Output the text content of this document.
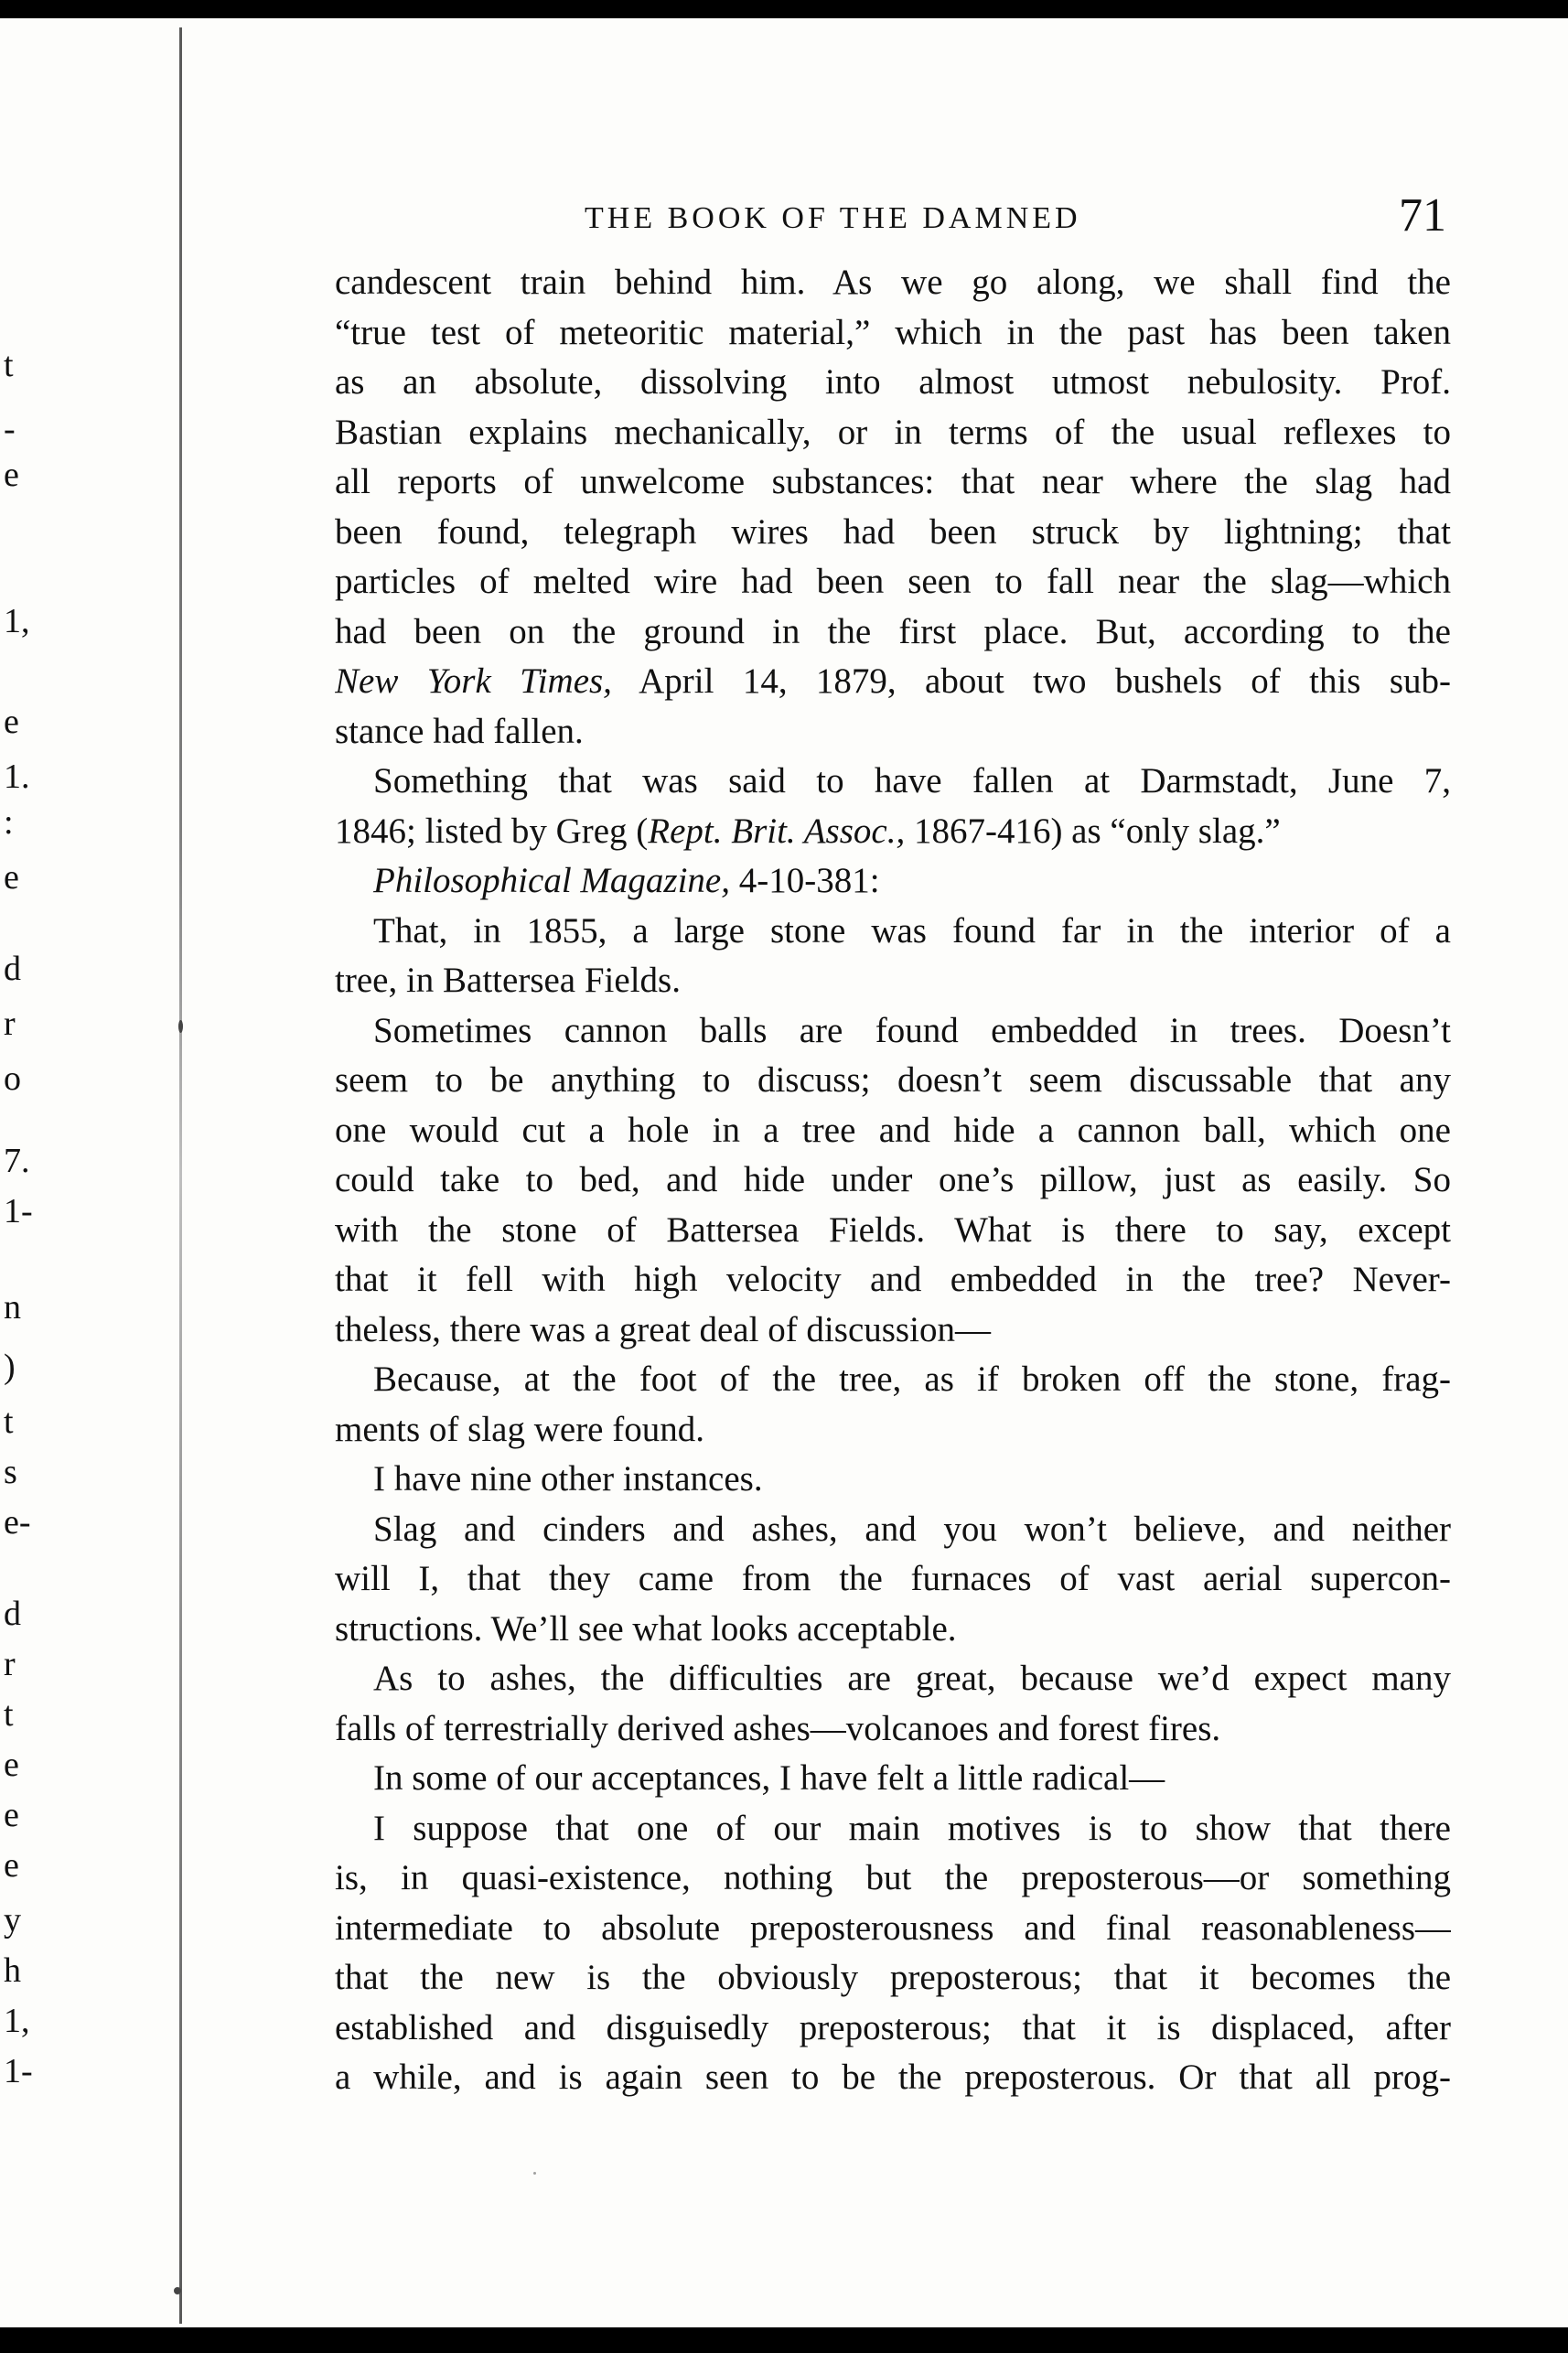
t
-
e
1,
e
1.
:
e
d
r
o
7.
1-
n
)
t
s
e-
d
r
t
e
e
e
y
h
1,
1-
THE BOOK OF THE DAMNED	71
candescent train behind him. As we go along, we shall find the
“true test of meteoritic material,” which in the past has been taken
as an absolute, dissolving into almost utmost nebulosity. Prof.
Bastian explains mechanically, or in terms of the usual reflexes to
all reports of unwelcome substances: that near where the slag had
been found, telegraph wires had been struck by lightning; that
particles of melted wire had been seen to fall near the slag—which
had been on the ground in the first place. But, according to the
New York Times, April 14, 1879, about two bushels of this sub-
stance had fallen.
Something that was said to have fallen at Darmstadt, June 7,
1846; listed by Greg (Rept. Brit. Assoc., 1867-416) as “only slag.”
Philosophical Magazine, 4-10-381:
That, in 1855, a large stone was found far in the interior of a
tree, in Battersea Fields.
Sometimes cannon balls are found embedded in trees. Doesn’t
seem to be anything to discuss; doesn’t seem discussable that any
one would cut a hole in a tree and hide a cannon ball, which one
could take to bed, and hide under one’s pillow, just as easily. So
with the stone of Battersea Fields. What is there to say, except
that it fell with high velocity and embedded in the tree? Never-
theless, there was a great deal of discussion—
Because, at the foot of the tree, as if broken off the stone, frag-
ments of slag were found.
I have nine other instances.
Slag and cinders and ashes, and you won’t believe, and neither
will I, that they came from the furnaces of vast aerial supercon-
structions. We’ll see what looks acceptable.
As to ashes, the difficulties are great, because we’d expect many
falls of terrestrially derived ashes—volcanoes and forest fires.
In some of our acceptances, I have felt a little radical—
I suppose that one of our main motives is to show that there
is, in quasi-existence, nothing but the preposterous—or something
intermediate to absolute preposterousness and final reasonableness—
that the new is the obviously preposterous; that it becomes the
established and disguisedly preposterous; that it is displaced, after
a while, and is again seen to be the preposterous. Or that all prog-
